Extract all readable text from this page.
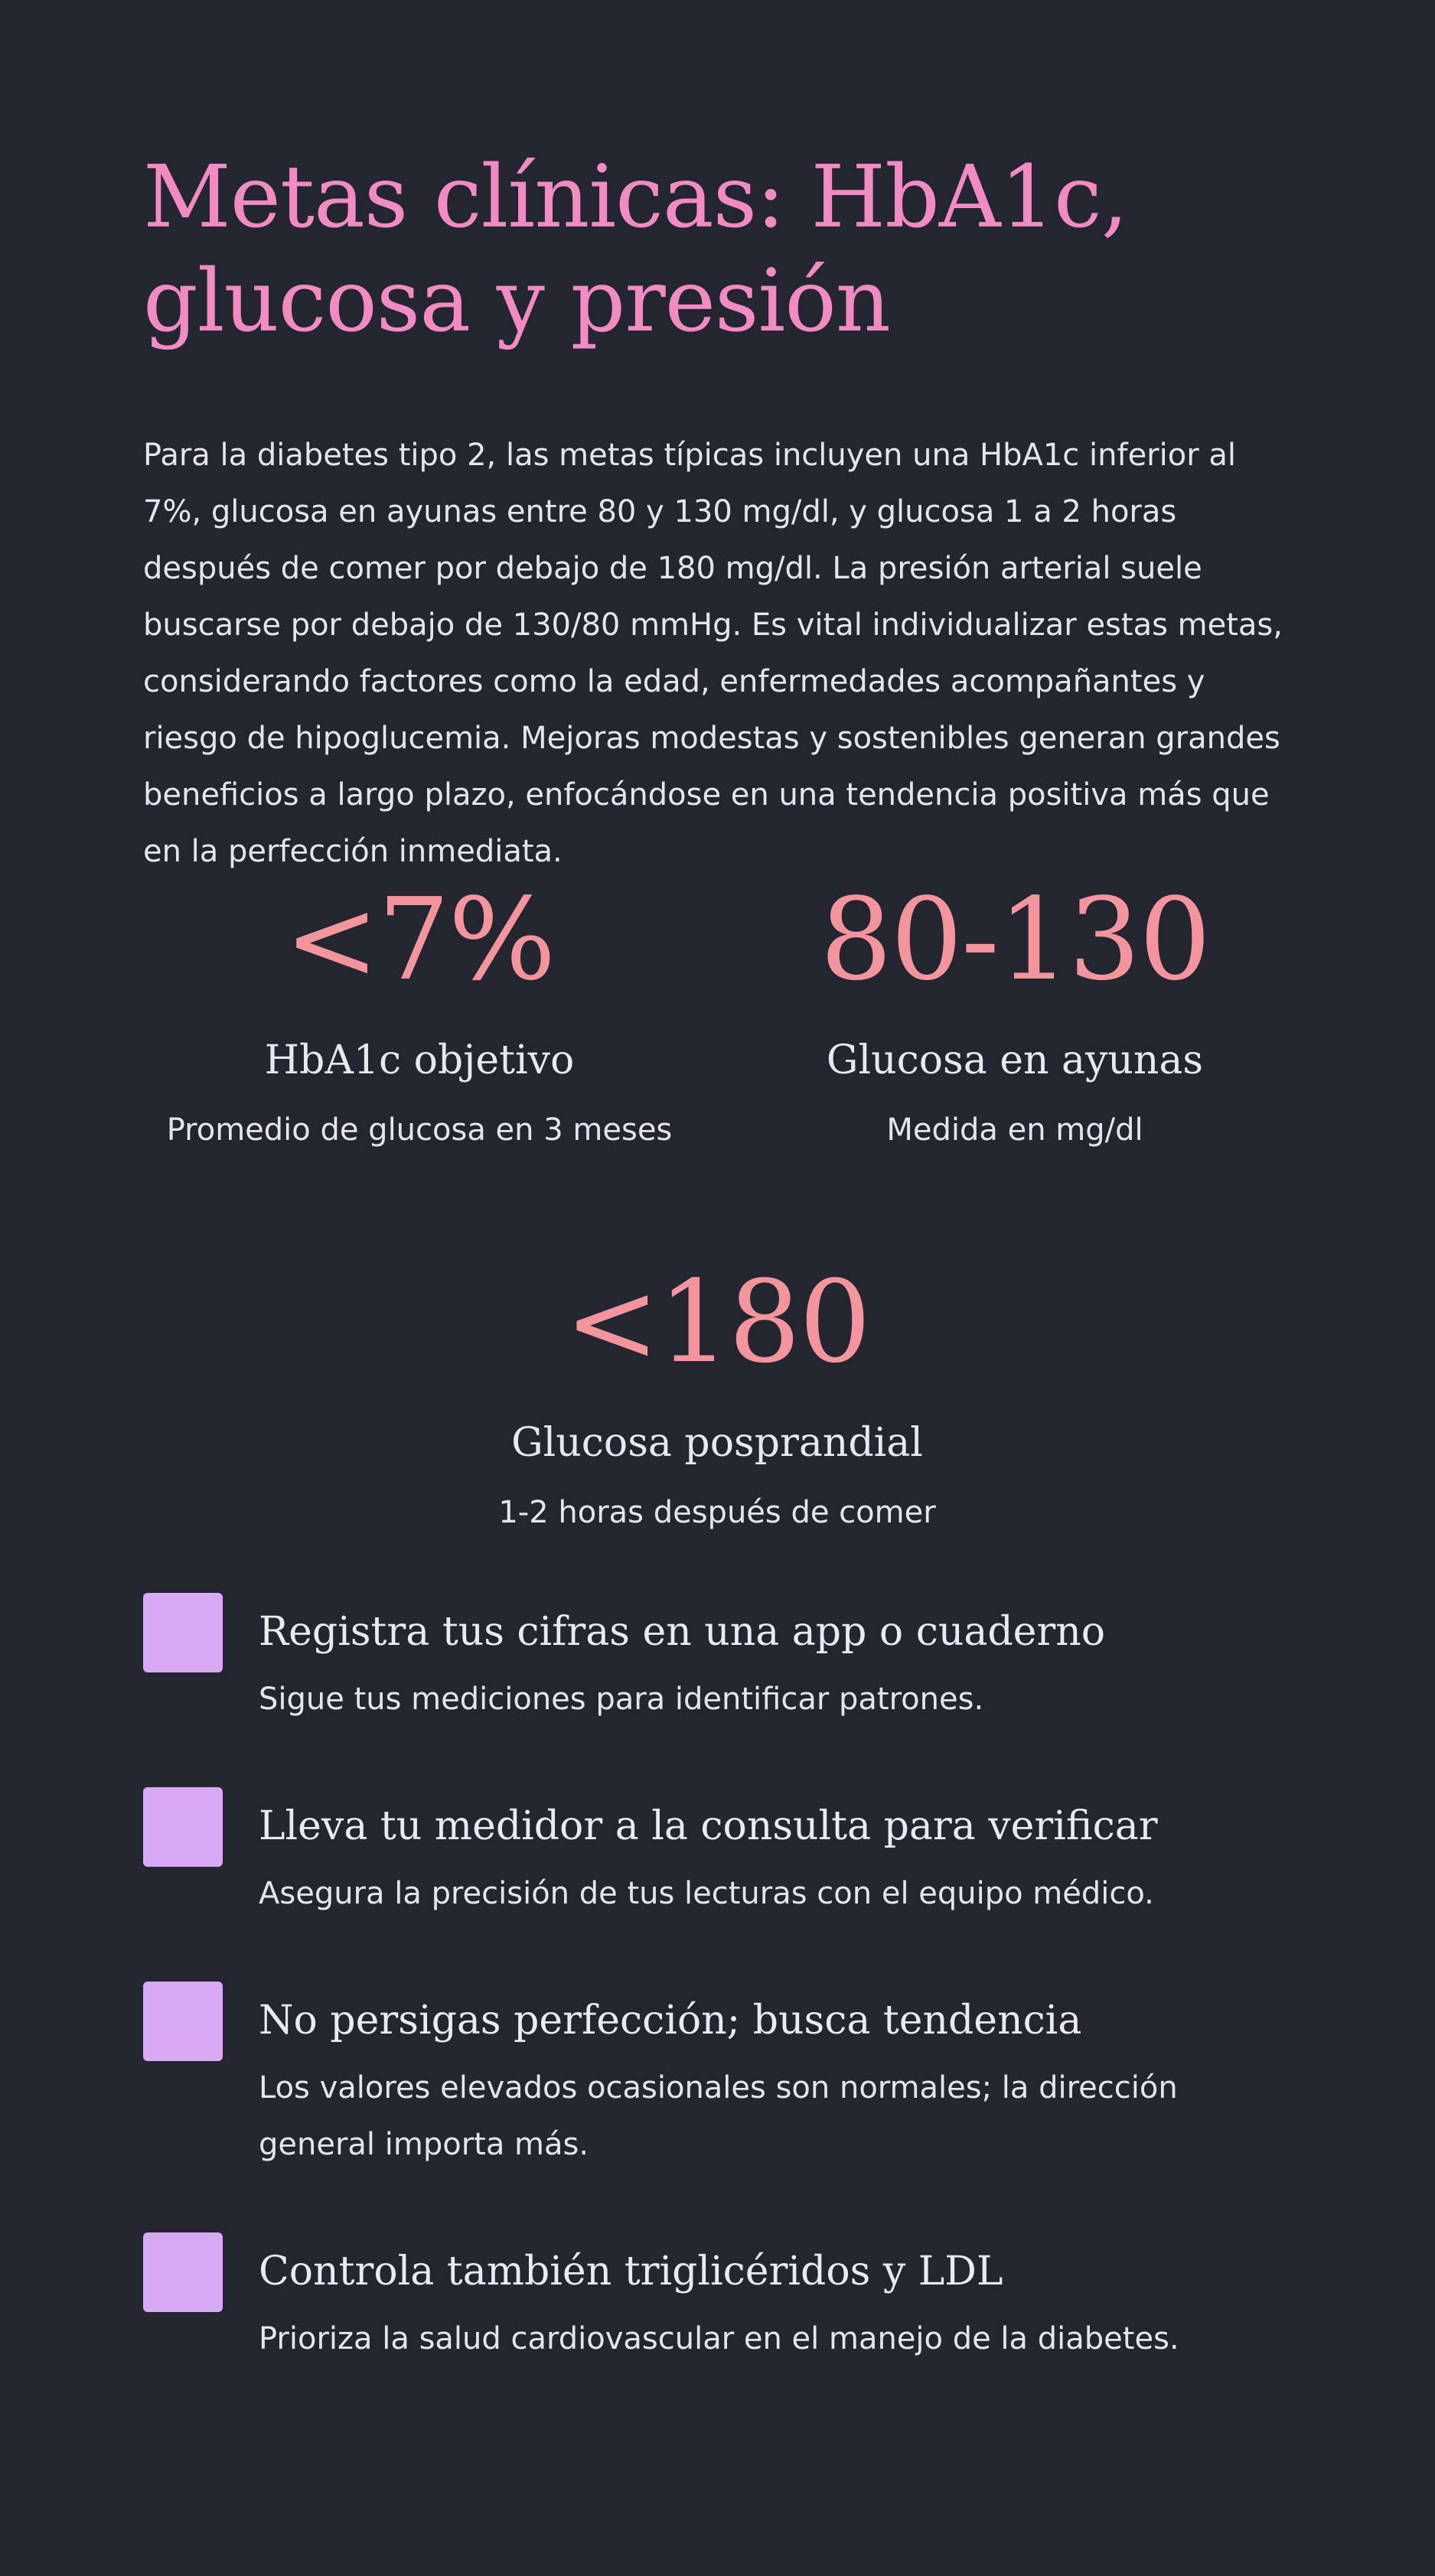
Metas clínicas: HbA1c,
glucosa y presión

Para la diabetes tipo 2, las metas típicas incluyen una HbA1c inferior al 7%, glucosa en ayunas entre 80 y 130 mg/dl, y glucosa 1 a 2 horas después de comer por debajo de 180 mg/dl. La presión arterial suele buscarse por debajo de 130/80 mmHg. Es vital individualizar estas metas, considerando factores como la edad, enfermedades acompañantes y riesgo de hipoglucemia. Mejoras modestas y sostenibles generan grandes beneficios a largo plazo, enfocándose en una tendencia positiva más que en la perfección inmediata.

<7%
HbA1c objetivo
Promedio de glucosa en 3 meses
80-130
Glucosa en ayunas
Medida en mg/dl
<180
Glucosa posprandial
1-2 horas después de comer
Registra tus cifras en una app o cuaderno
Sigue tus mediciones para identificar patrones.
Lleva tu medidor a la consulta para verificar
Asegura la precisión de tus lecturas con el equipo médico.
No persigas perfección; busca tendencia
Los valores elevados ocasionales son normales; la dirección general importa más.
Controla también triglicéridos y LDL
Prioriza la salud cardiovascular en el manejo de la diabetes.
